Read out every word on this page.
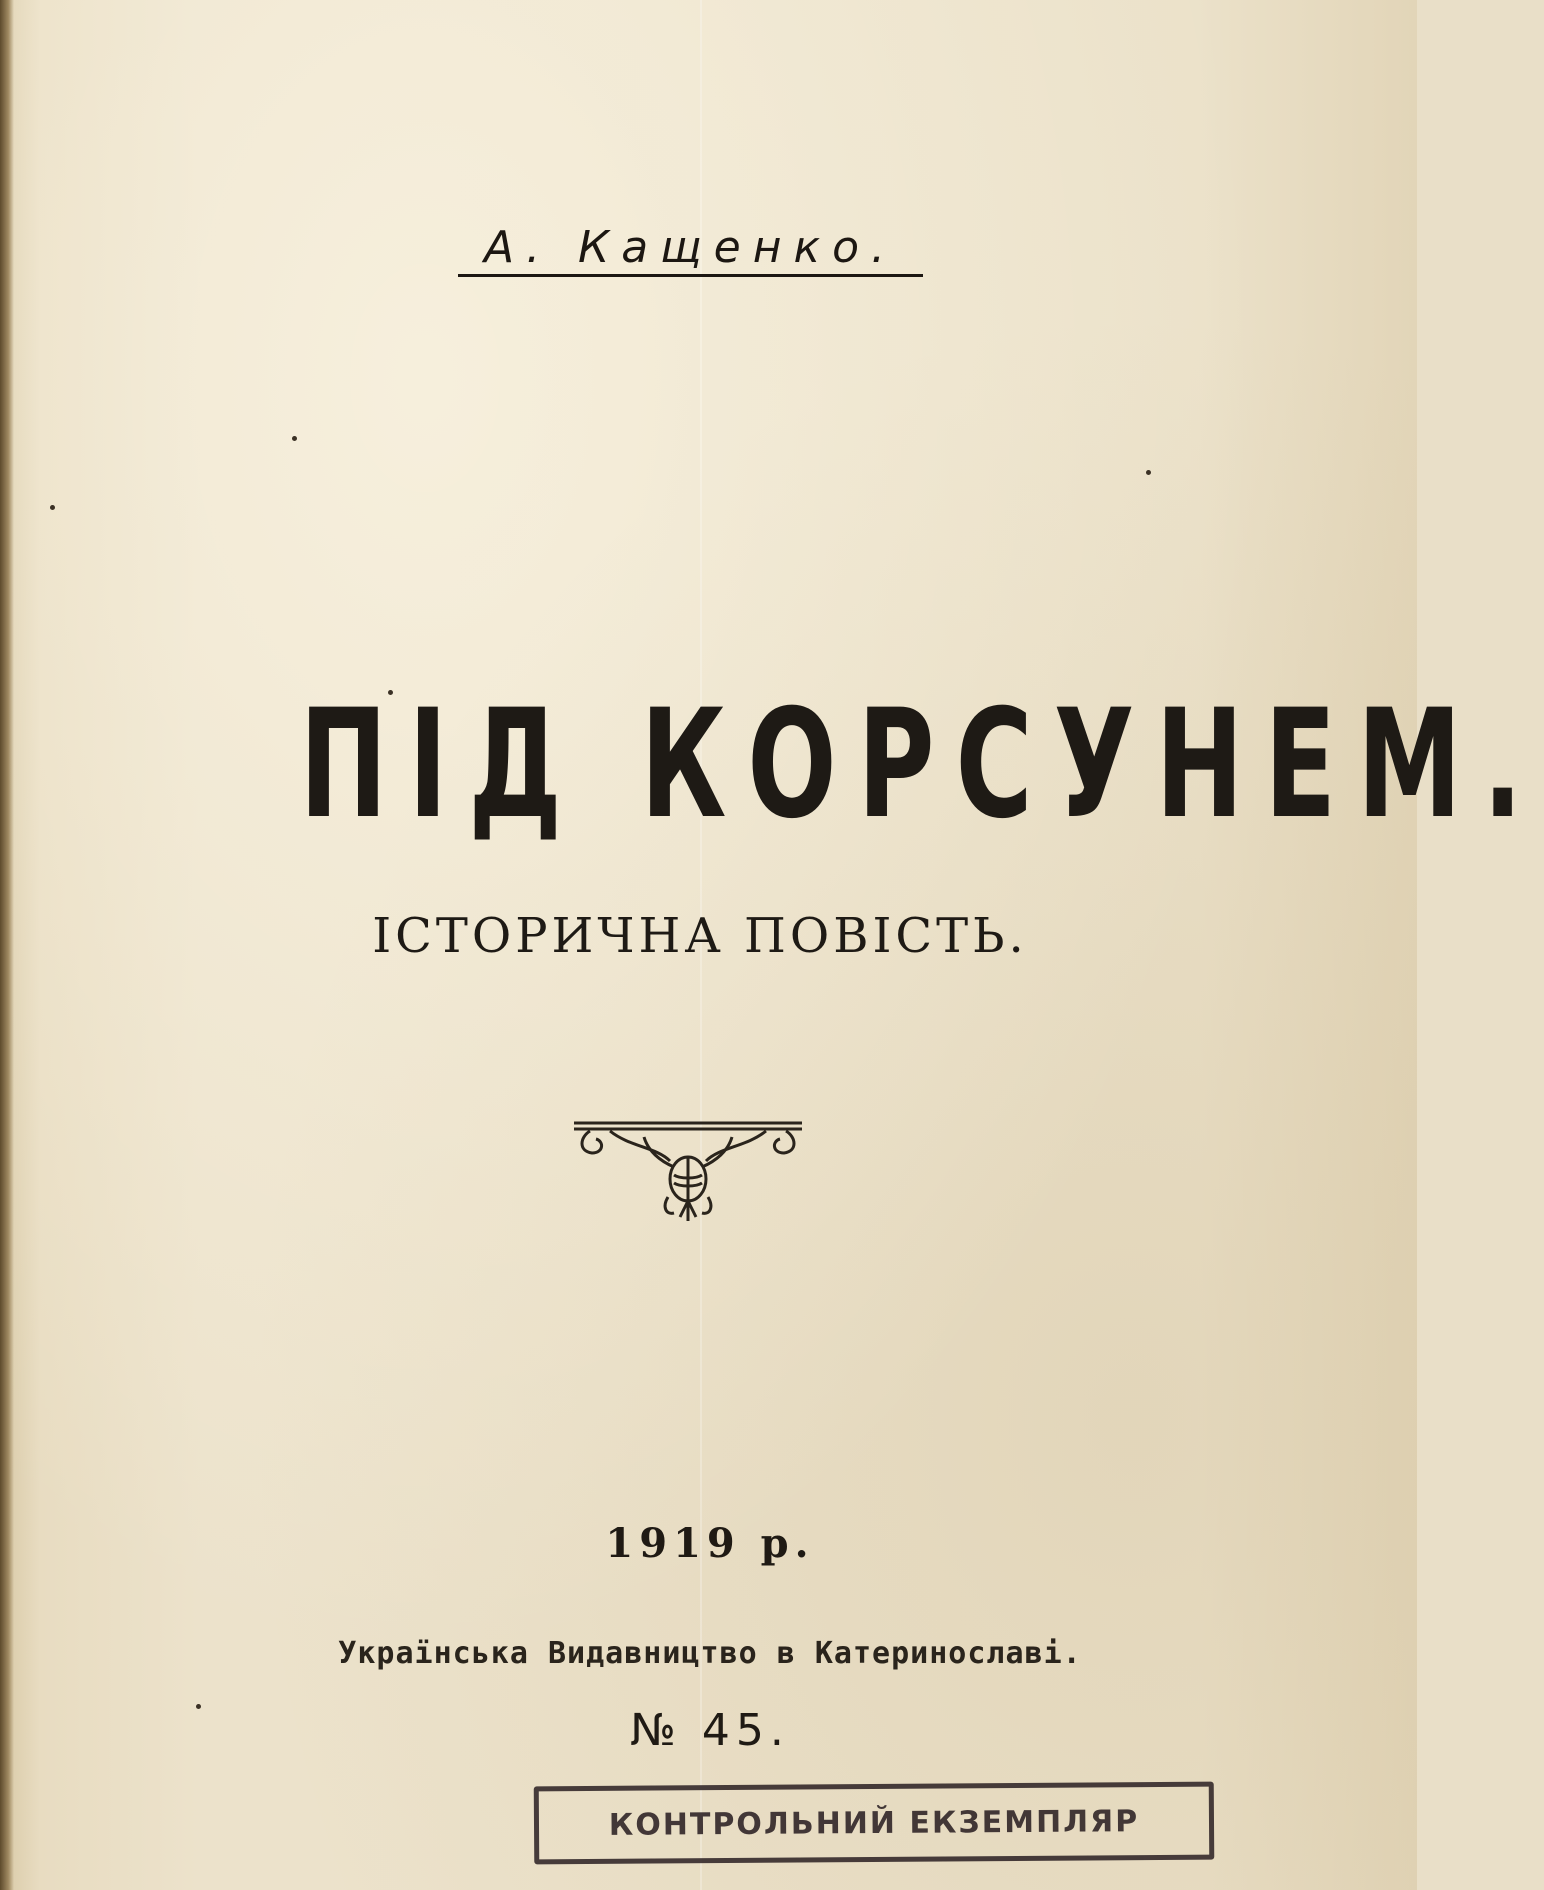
А. Кащенко.
ПІД КОРСУНЕМ.
ІСТОРИЧНА ПОВІСТЬ.
1919 р.
Українська Видавництво в Катеринославі.
№ 45.
КОНТРОЛЬНИЙ ЕКЗЕМПЛЯР
